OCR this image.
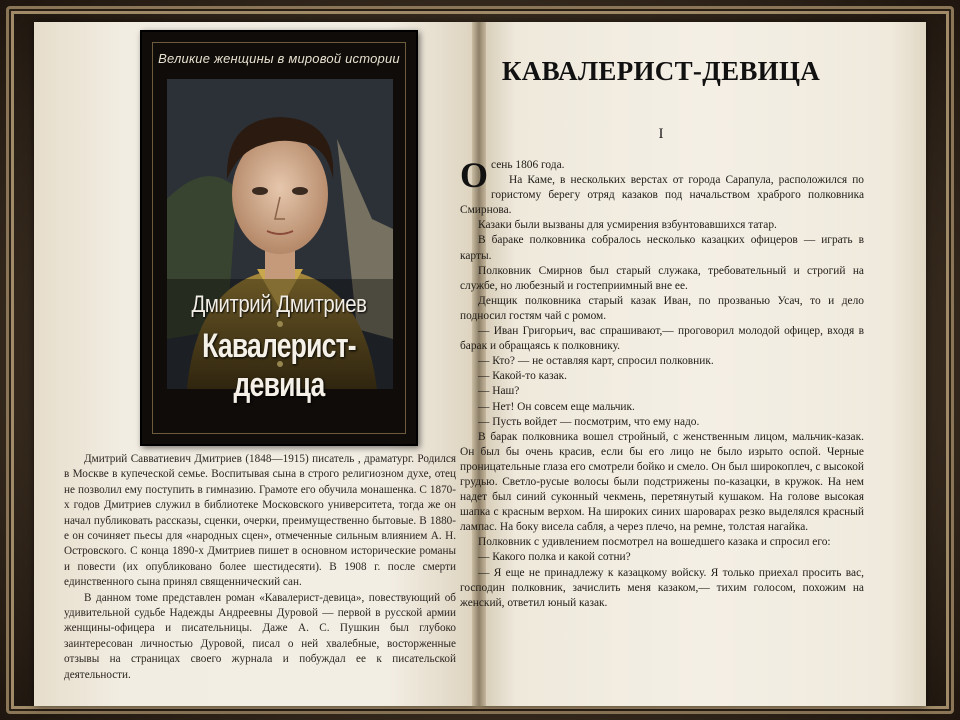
Великие женщины в мировой истории
Дмитрий Дмитриев
Кавалерист-девица

Дмитрий Савватиевич Дмитриев (1848—1915) писатель , драматург. Родился в Москве в купеческой семье. Воспитывая сына в строго религиозном духе, отец не позволил ему поступить в гимназию. Грамоте его обучила монашенка. С 1870-х годов Дмитриев служил в библиотеке Московского университета, тогда же он начал публиковать рассказы, сценки, очерки, преимущественно бытовые. В 1880-е он сочиняет пьесы для «народных сцен», отмеченные сильным влиянием А. Н. Островского. С конца 1890-х Дмитриев пишет в основном исторические романы и повести (их опубликовано более шестидесяти). В 1908 г. после смерти единственного сына принял священнический сан.

В данном томе представлен роман «Кавалерист-девица», повествующий об удивительной судьбе Надежды Андреевны Дуровой — первой в русской армии женщины-офицера и писательницы. Даже А. С. Пушкин был глубоко заинтересован личностью Дуровой, писал о ней хвалебные, восторженные отзывы на страницах своего журнала и побуждал ее к писательской деятельности.

КАВАЛЕРИСТ-ДЕВИЦА
I

Осень 1806 года.

На Каме, в нескольких верстах от города Сарапула, расположился по гористому берегу отряд казаков под начальством храброго полковника Смирнова.

Казаки были вызваны для усмирения взбунтовавшихся татар.

В бараке полковника собралось несколько казацких офицеров — играть в карты.

Полковник Смирнов был старый служака, требовательный и строгий на службе, но любезный и гостеприимный вне ее.

Денщик полковника старый казак Иван, по прозванью Усач, то и дело подносил гостям чай с ромом.

— Иван Григорьич, вас спрашивают,— проговорил молодой офицер, входя в барак и обращаясь к полковнику.

— Кто? — не оставляя карт, спросил полковник.

— Какой-то казак.

— Наш?

— Нет! Он совсем еще мальчик.

— Пусть войдет — посмотрим, что ему надо.

В барак полковника вошел стройный, с женственным лицом, мальчик-казак. Он был бы очень красив, если бы его лицо не было изрыто оспой. Черные проницательные глаза его смотрели бойко и смело. Он был широкоплеч, с высокой грудью. Светло-русые волосы были подстрижены по-казацки, в кружок. На нем надет был синий суконный чекмень, перетянутый кушаком. На голове высокая шапка с красным верхом. На широких синих шароварах резко выделялся красный лампас. На боку висела сабля, а через плечо, на ремне, толстая нагайка.

Полковник с удивлением посмотрел на вошедшего казака и спросил его:

— Какого полка и какой сотни?

— Я еще не принадлежу к казацкому войску. Я только приехал просить вас, господин полковник, зачислить меня казаком,— тихим голосом, похожим на женский, ответил юный казак.
